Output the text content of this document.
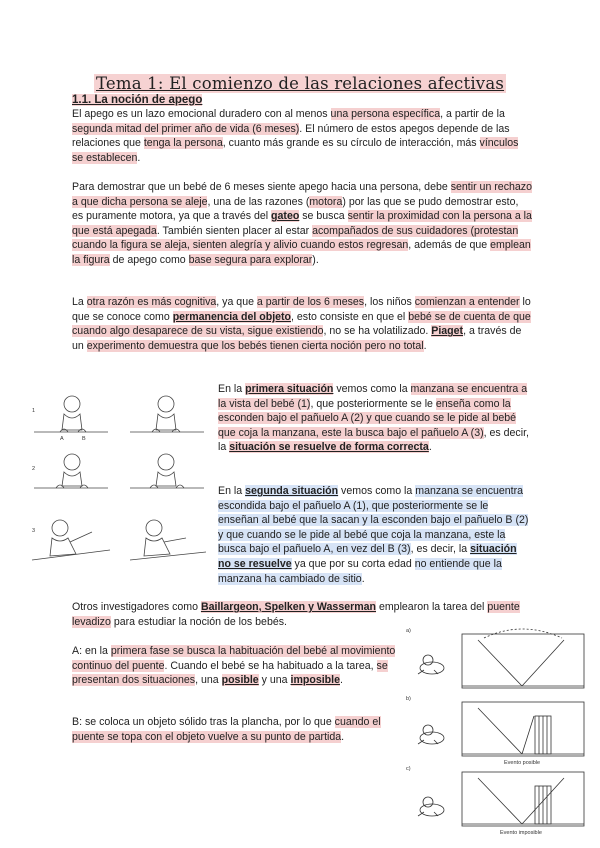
Tema 1: El comienzo de las relaciones afectivas
1.1. La noción de apego

El apego es un lazo emocional duradero con al menos una persona específica, a partir de la segunda mitad del primer año de vida (6 meses). El número de estos apegos depende de las relaciones que tenga la persona, cuanto más grande es su círculo de interacción, más vínculos se establecen.

Para demostrar que un bebé de 6 meses siente apego hacia una persona, debe sentir un rechazo a que dicha persona se aleje, una de las razones (motora) por las que se pudo demostrar esto, es puramente motora, ya que a través del gateo se busca sentir la proximidad con la persona a la que está apegada. También sienten placer al estar acompañados de sus cuidadores (protestan cuando la figura se aleja, sienten alegría y alivio cuando estos regresan, además de que emplean la figura de apego como base segura para explorar).

La otra razón es más cognitiva, ya que a partir de los 6 meses, los niños comienzan a entender lo que se conoce como permanencia del objeto, esto consiste en que el bebé se de cuenta de que cuando algo desaparece de su vista, sigue existiendo, no se ha volatilizado. Piaget, a través de un experimento demuestra que los bebés tienen cierta noción pero no total.

A	B
1
2
3

En la primera situación vemos como la manzana se encuentra a la vista del bebé (1), que posteriormente se le enseña como la esconden bajo el pañuelo A (2) y que cuando se le pide al bebé que coja la manzana, este la busca bajo el pañuelo A (3), es decir, la situación se resuelve de forma correcta.

En la segunda situación vemos como la manzana se encuentra escondida bajo el pañuelo A (1), que posteriormente se le enseñan al bebé que la sacan y la esconden bajo el pañuelo B (2) y que cuando se le pide al bebé que coja la manzana, este la busca bajo el pañuelo A, en vez del B (3), es decir, la situación no se resuelve ya que por su corta edad no entiende que la manzana ha cambiado de sitio.

Otros investigadores como Baillargeon, Spelken y Wasserman emplearon la tarea del puente levadizo para estudiar la noción de los bebés.

A: en la primera fase se busca la habituación del bebé al movimiento continuo del puente. Cuando el bebé se ha habituado a la tarea, se presentan dos situaciones, una posible y una imposible.

B: se coloca un objeto sólido tras la plancha, por lo que cuando el puente se topa con el objeto vuelve a su punto de partida.

a)
b)
c)
Evento posible
Evento imposible
